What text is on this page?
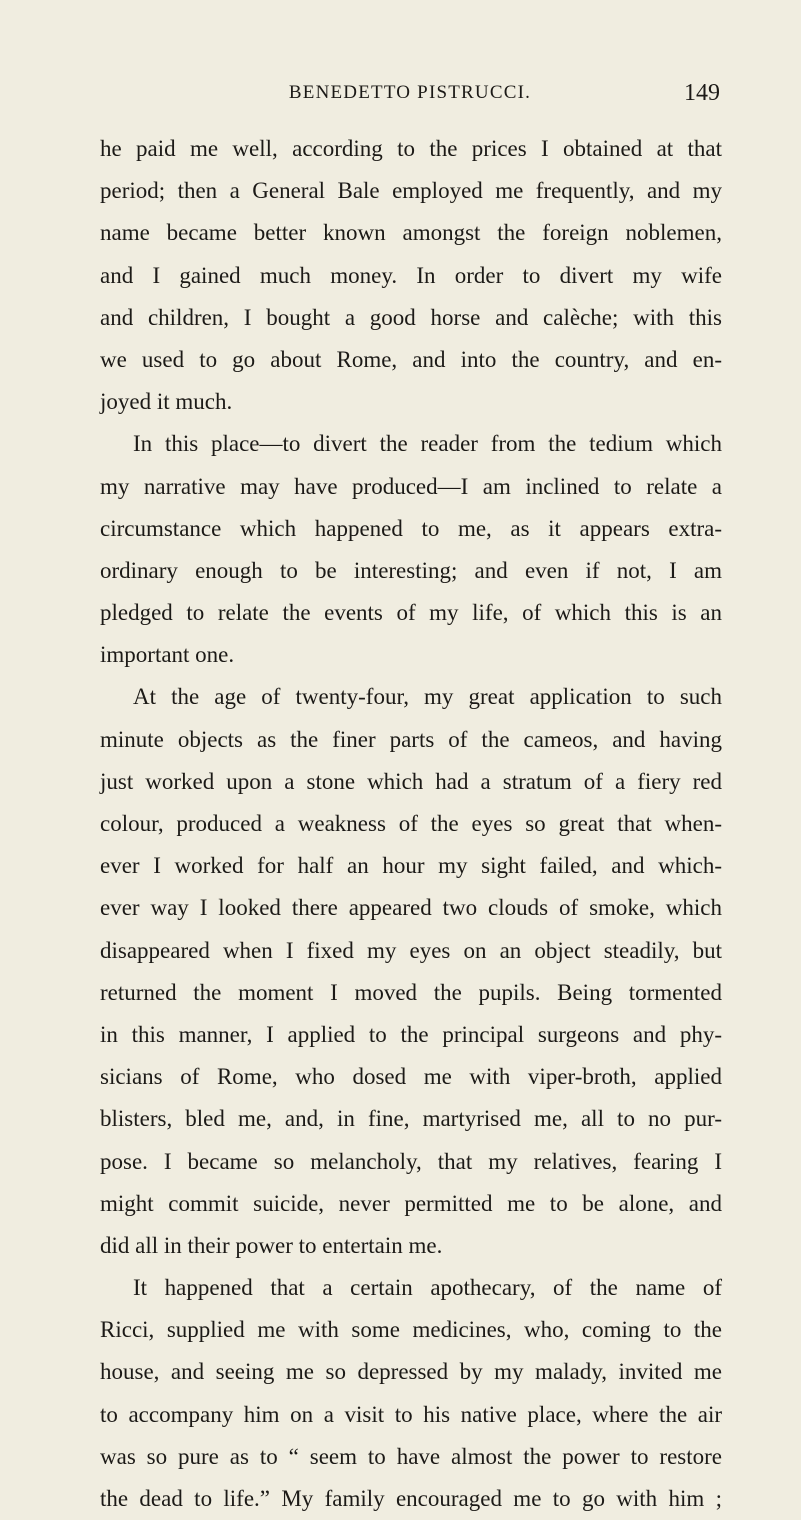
BENEDETTO PISTRUCCI.	149
he paid me well, according to the prices I obtained at that
period; then a General Bale employed me frequently, and my
name became better known amongst the foreign noblemen,
and I gained much money. In order to divert my wife
and children, I bought a good horse and calèche; with this
we used to go about Rome, and into the country, and en-
joyed it much.
In this place—to divert the reader from the tedium which
my narrative may have produced—I am inclined to relate a
circumstance which happened to me, as it appears extra-
ordinary enough to be interesting; and even if not, I am
pledged to relate the events of my life, of which this is an
important one.
At the age of twenty-four, my great application to such
minute objects as the finer parts of the cameos, and having
just worked upon a stone which had a stratum of a fiery red
colour, produced a weakness of the eyes so great that when-
ever I worked for half an hour my sight failed, and which-
ever way I looked there appeared two clouds of smoke, which
disappeared when I fixed my eyes on an object steadily, but
returned the moment I moved the pupils. Being tormented
in this manner, I applied to the principal surgeons and phy-
sicians of Rome, who dosed me with viper-broth, applied
blisters, bled me, and, in fine, martyrised me, all to no pur-
pose. I became so melancholy, that my relatives, fearing I
might commit suicide, never permitted me to be alone, and
did all in their power to entertain me.
It happened that a certain apothecary, of the name of
Ricci, supplied me with some medicines, who, coming to the
house, and seeing me so depressed by my malady, invited me
to accompany him on a visit to his native place, where the air
was so pure as to “ seem to have almost the power to restore
the dead to life.” My family encouraged me to go with him ;
